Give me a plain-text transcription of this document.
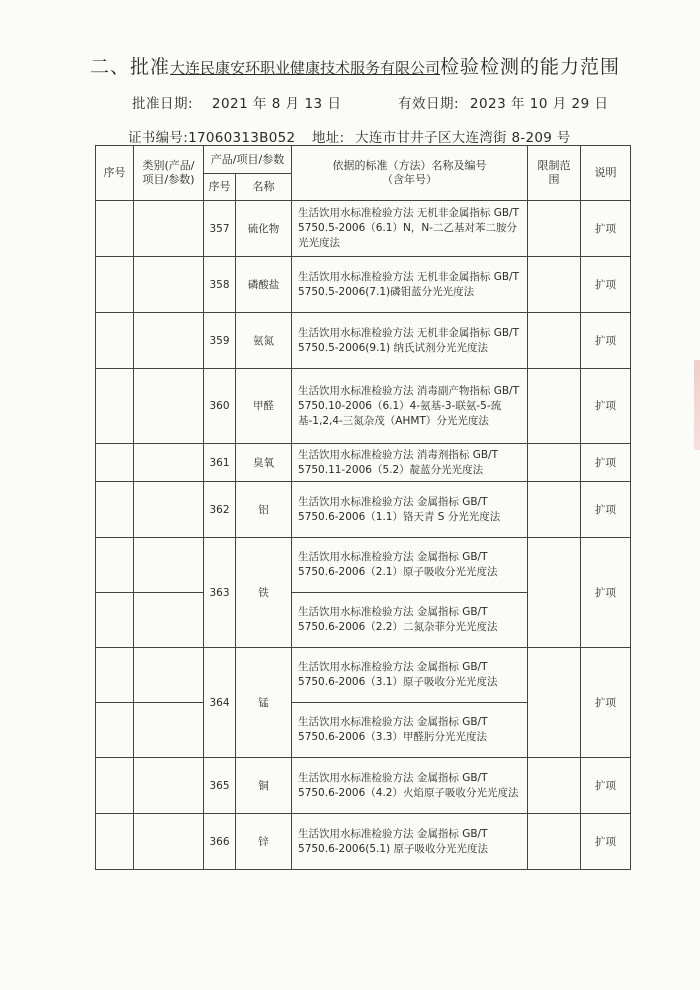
二、批准大连民康安环职业健康技术服务有限公司检验检测的能力范围
批准日期: 2021 年 8 月 13 日	有效日期: 2023 年 10 月 29 日
证书编号:17060313B052 地址: 大连市甘井子区大连湾街 8-209 号
序号	类别(产品/项目/参数)	产品/项目/参数		依据的标准（方法）名称及编号（含年号）	限制范围	说明
		序号	名称			
		357	硫化物	生活饮用水标准检验方法 无机非金属指标 GB/T 5750.5-2006（6.1）N，N-二乙基对苯二胺分光光度法		扩项
		358	磷酸盐	生活饮用水标准检验方法 无机非金属指标 GB/T 5750.5-2006(7.1)磷钼蓝分光光度法		扩项
		359	氨氮	生活饮用水标准检验方法 无机非金属指标 GB/T 5750.5-2006(9.1) 纳氏试剂分光光度法		扩项
		360	甲醛	生活饮用水标准检验方法 消毒副产物指标 GB/T 5750.10-2006（6.1）4-氨基-3-联氨-5-巯基-1,2,4-三氮杂茂（AHMT）分光光度法		扩项
		361	臭氧	生活饮用水标准检验方法 消毒剂指标 GB/T 5750.11-2006（5.2）靛蓝分光光度法		扩项
		362	铝	生活饮用水标准检验方法 金属指标 GB/T 5750.6-2006（1.1）铬天青 S 分光光度法		扩项
		363	铁	生活饮用水标准检验方法 金属指标 GB/T 5750.6-2006（2.1）原子吸收分光光度法		扩项
				生活饮用水标准检验方法 金属指标 GB/T 5750.6-2006（2.2）二氮杂菲分光光度法		
		364	锰	生活饮用水标准检验方法 金属指标 GB/T 5750.6-2006（3.1）原子吸收分光光度法		扩项
				生活饮用水标准检验方法 金属指标 GB/T 5750.6-2006（3.3）甲醛肟分光光度法		
		365	铜	生活饮用水标准检验方法 金属指标 GB/T 5750.6-2006（4.2）火焰原子吸收分光光度法		扩项
		366	锌	生活饮用水标准检验方法 金属指标 GB/T 5750.6-2006(5.1) 原子吸收分光光度法		扩项
